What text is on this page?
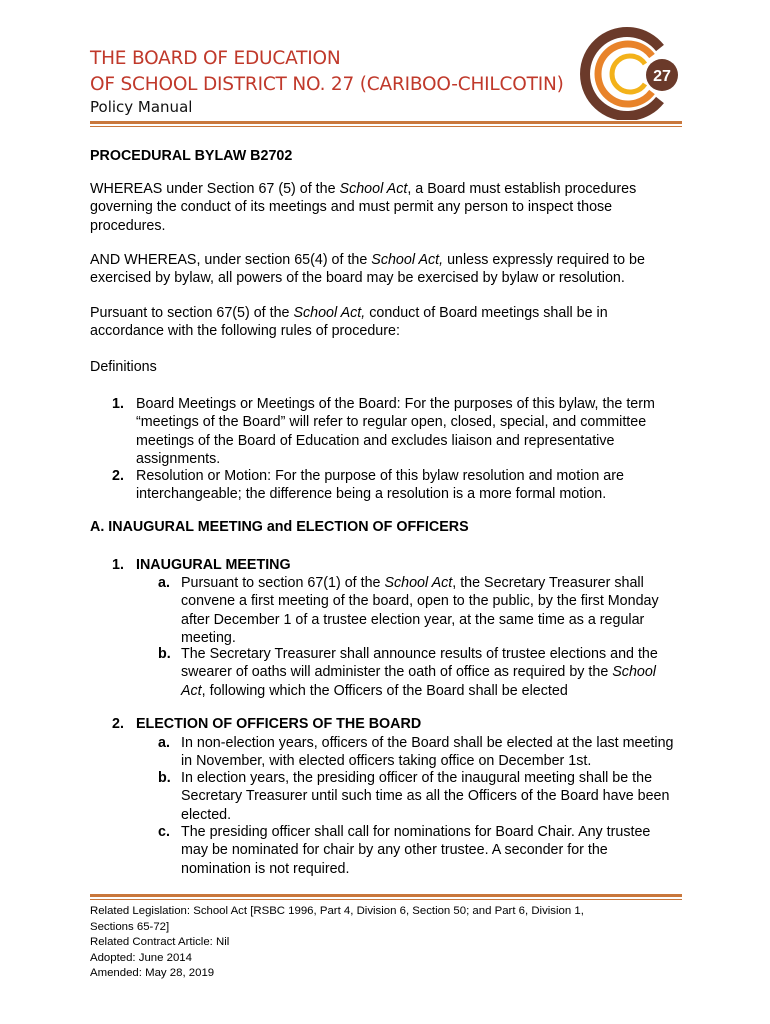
THE BOARD OF EDUCATION
OF SCHOOL DISTRICT NO. 27 (CARIBOO-CHILCOTIN)
Policy Manual
27
PROCEDURAL BYLAW B2702
WHEREAS under Section 67 (5) of the School Act, a Board must establish procedures governing the conduct of its meetings and must permit any person to inspect those procedures.
AND WHEREAS, under section 65(4) of the School Act, unless expressly required to be exercised by bylaw, all powers of the board may be exercised by bylaw or resolution.
Pursuant to section 67(5) of the School Act, conduct of Board meetings shall be in accordance with the following rules of procedure:
Definitions
1. Board Meetings or Meetings of the Board: For the purposes of this bylaw, the term “meetings of the Board” will refer to regular open, closed, special, and committee meetings of the Board of Education and excludes liaison and representative assignments.
2. Resolution or Motion: For the purpose of this bylaw resolution and motion are interchangeable; the difference being a resolution is a more formal motion.
A. INAUGURAL MEETING and ELECTION OF OFFICERS
1. INAUGURAL MEETING
a. Pursuant to section 67(1) of the School Act, the Secretary Treasurer shall convene a first meeting of the board, open to the public, by the first Monday after December 1 of a trustee election year, at the same time as a regular meeting.
b. The Secretary Treasurer shall announce results of trustee elections and the swearer of oaths will administer the oath of office as required by the School Act, following which the Officers of the Board shall be elected
2. ELECTION OF OFFICERS OF THE BOARD
a. In non-election years, officers of the Board shall be elected at the last meeting in November, with elected officers taking office on December 1st.
b. In election years, the presiding officer of the inaugural meeting shall be the Secretary Treasurer until such time as all the Officers of the Board have been elected.
c. The presiding officer shall call for nominations for Board Chair. Any trustee may be nominated for chair by any other trustee. A seconder for the nomination is not required.
Related Legislation: School Act [RSBC 1996, Part 4, Division 6, Section 50; and Part 6, Division 1,
Sections 65-72]
Related Contract Article: Nil
Adopted: June 2014
Amended: May 28, 2019
